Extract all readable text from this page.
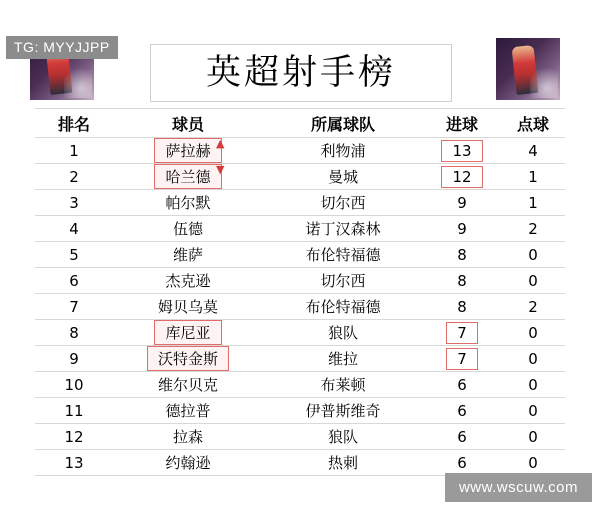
TG: MYYJJPP
英超射手榜
排名	球员	所属球队	进球	点球
1	萨拉赫 ▲	利物浦	13	4
2	哈兰德 ▼	曼城	12	1
3	帕尔默	切尔西	9	1
4	伍德	诺丁汉森林	9	2
5	维萨	布伦特福德	8	0
6	杰克逊	切尔西	8	0
7	姆贝乌莫	布伦特福德	8	2
8	库尼亚	狼队	7	0
9	沃特金斯	维拉	7	0
10	维尔贝克	布莱顿	6	0
11	德拉普	伊普斯维奇	6	0
12	拉森	狼队	6	0
13	约翰逊	热刺	6	0
www.wscuw.com
